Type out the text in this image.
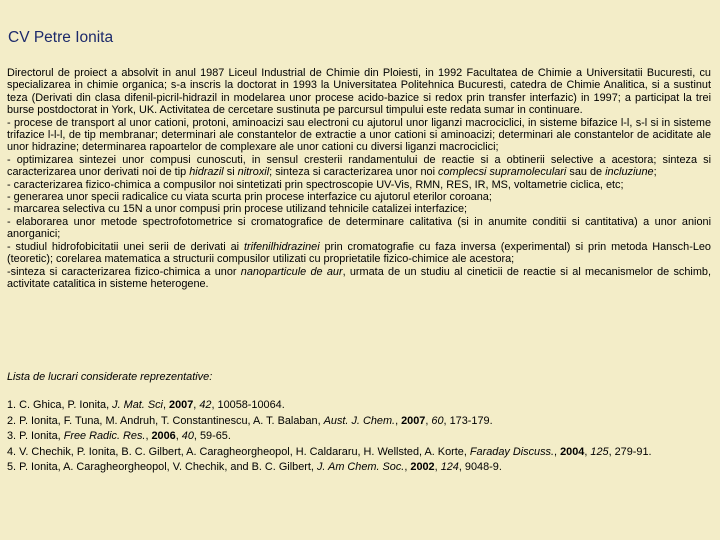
CV Petre Ionita

Directorul de proiect a absolvit in anul 1987 Liceul Industrial de Chimie din Ploiesti, in 1992 Facultatea de Chimie a Universitatii Bucuresti, cu specializarea in chimie organica; s-a inscris la doctorat in 1993 la Universitatea Politehnica Bucuresti, catedra de Chimie Analitica, si a sustinut teza (Derivati din clasa difenil-picril-hidrazil in modelarea unor procese acido-bazice si redox prin transfer interfazic) in 1997; a participat la trei burse postdoctorat in York, UK. Activitatea de cercetare sustinuta pe parcursul timpului este redata sumar in continuare.

- procese de transport al unor cationi, protoni, aminoacizi sau electroni cu ajutorul unor liganzi macrociclici, in sisteme bifazice l-l, s-l si in sisteme trifazice l-l-l, de tip membranar; determinari ale constantelor de extractie a unor cationi si aminoacizi; determinari ale constantelor de aciditate ale unor hidrazine; determinarea rapoartelor de complexare ale unor cationi cu diversi liganzi macrociclici;

- optimizarea sintezei unor compusi cunoscuti, in sensul cresterii randamentului de reactie si a obtinerii selective a acestora; sinteza si caracterizarea unor derivati noi de tip hidrazil si nitroxil; sinteza si caracterizarea unor noi complecsi supramoleculari sau de incluziune;

- caracterizarea fizico-chimica a compusilor noi sintetizati prin spectroscopie UV-Vis, RMN, RES, IR, MS, voltametrie ciclica, etc;

- generarea unor specii radicalice cu viata scurta prin procese interfazice cu ajutorul eterilor coroana;

- marcarea selectiva cu 15N a unor compusi prin procese utilizand tehnicile catalizei interfazice;

- elaborarea unor metode spectrofotometrice si cromatografice de determinare calitativa (si in anumite conditii si cantitativa) a unor anioni anorganici;

- studiul hidrofobicitatii unei serii de derivati ai trifenilhidrazinei prin cromatografie cu faza inversa (experimental) si prin metoda Hansch-Leo (teoretic); corelarea matematica a structurii compusilor utilizati cu proprietatile fizico-chimice ale acestora;

-sinteza si caracterizarea fizico-chimica a unor nanoparticule de aur, urmata de un studiu al cineticii de reactie si al mecanismelor de schimb, activitate catalitica in sisteme heterogene.

Lista de lucrari considerate reprezentative:
1. C. Ghica, P. Ionita, J. Mat. Sci, 2007, 42, 10058-10064.
2. P. Ionita, F. Tuna, M. Andruh, T. Constantinescu, A. T. Balaban, Aust. J. Chem., 2007, 60, 173-179.
3. P. Ionita, Free Radic. Res., 2006, 40, 59-65.
4. V. Chechik, P. Ionita, B. C. Gilbert, A. Caragheorgheopol, H. Caldararu, H. Wellsted, A. Korte, Faraday Discuss., 2004, 125, 279-91.
5. P. Ionita, A. Caragheorgheopol, V. Chechik, and B. C. Gilbert, J. Am Chem. Soc., 2002, 124, 9048-9.
